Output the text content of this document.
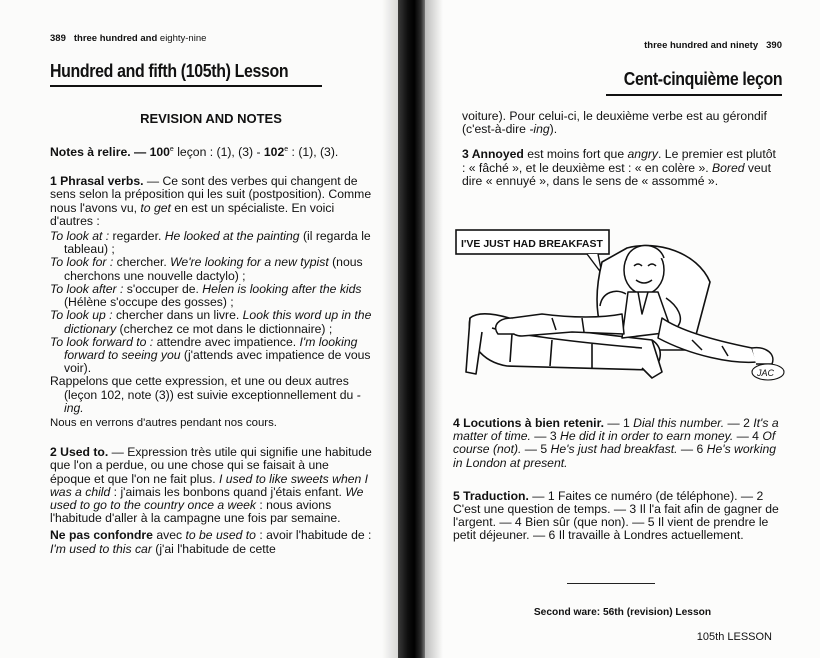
389 three hundred and eighty-nine
Hundred and fifth (105th) Lesson
REVISION AND NOTES

Notes à relire. — 100e leçon : (1), (3) - 102e : (1), (3).

1 Phrasal verbs. — Ce sont des verbes qui changent de sens selon la préposition qui les suit (postposition). Comme nous l'avons vu, to get en est un spécialiste. En voici d'autres :

To look at : regarder. He looked at the painting (il regarda le tableau) ;

To look for : chercher. We're looking for a new typist (nous cherchons une nouvelle dactylo) ;

To look after : s'occuper de. Helen is looking after the kids (Hélène s'occupe des gosses) ;

To look up : chercher dans un livre. Look this word up in the dictionary (cherchez ce mot dans le dictionnaire) ;

To look forward to : attendre avec impatience. I'm looking forward to seeing you (j'attends avec impatience de vous voir).

Rappelons que cette expression, et une ou deux autres (leçon 102, note (3)) est suivie exceptionnellement du -ing.

Nous en verrons d'autres pendant nos cours.

2 Used to. — Expression très utile qui signifie une habitude que l'on a perdue, ou une chose qui se faisait à une époque et que l'on ne fait plus. I used to like sweets when I was a child : j'aimais les bonbons quand j'étais enfant. We used to go to the country once a week : nous avions l'habitude d'aller à la campagne une fois par semaine.

Ne pas confondre avec to be used to : avoir l'habitude de : I'm used to this car (j'ai l'habitude de cette

three hundred and ninety 390
Cent-cinquième leçon

voiture). Pour celui-ci, le deuxième verbe est au gérondif (c'est-à-dire -ing).

3 Annoyed est moins fort que angry. Le premier est plutôt : « fâché », et le deuxième est : « en colère ». Bored veut dire « ennuyé », dans le sens de « assommé ».

4 Locutions à bien retenir. — 1 Dial this number. — 2 It's a matter of time. — 3 He did it in order to earn money. — 4 Of course (not). — 5 He's just had breakfast. — 6 He's working in London at present.

5 Traduction. — 1 Faites ce numéro (de téléphone). — 2 C'est une question de temps. — 3 Il l'a fait afin de gagner de l'argent. — 4 Bien sûr (que non). — 5 Il vient de prendre le petit déjeuner. — 6 Il travaille à Londres actuellement.

I'VE JUST HAD BREAKFAST
JAC
Second ware: 56th (revision) Lesson
105th LESSON
